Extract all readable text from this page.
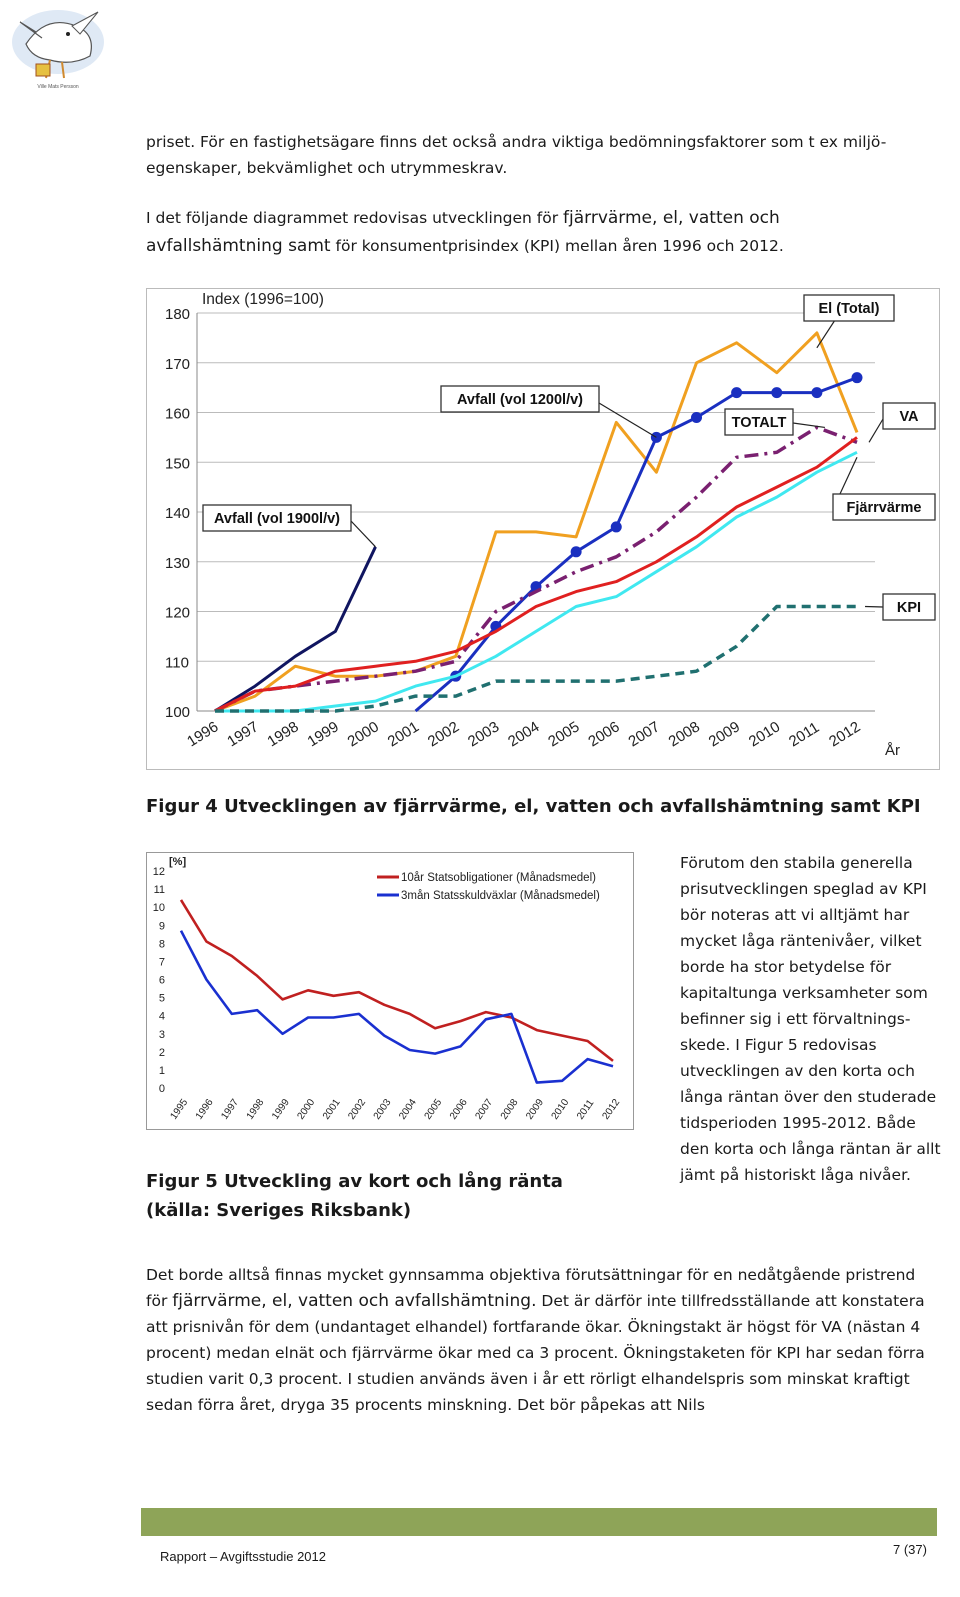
Ville Mats Persson

priset. För en fastighetsägare finns det också andra viktiga bedömningsfaktorer som t ex miljö-egenskaper, bekvämlighet och utrymmeskrav.

I det följande diagrammet redovisas utvecklingen för fjärrvärme, el, vatten och avfallshämtning samt för konsumentprisindex (KPI) mellan åren 1996 och 2012.

100
110
120
130
140
150
160
170
180
Index (1996=100)
1996 1997 1998 1999 2000 2001 2002 2003 2004 2005 2006 2007 2008 2009 2010 2011 2012
År
El (Total)
Avfall (vol 1200l/v)
TOTALT	VA
Avfall (vol 1900l/v)
Fjärrvärme
KPI

Figur 4 Utvecklingen av fjärrvärme, el, vatten och avfallshämtning samt KPI

0
1
2
3
4
5
6
7
8
9
10
11
12
[%]
1995 1996 1997 1998 1999 2000 2001 2002 2003 2004 2005 2006 2007 2008 2009 2010 2011 2012
10år Statsobligationer (Månadsmedel)
3mån Statsskuldväxlar (Månadsmedel)

Figur 5 Utveckling av kort och lång ränta
(källa: Sveriges Riksbank)

Förutom den stabila generella prisutvecklingen speglad av KPI bör noteras att vi alltjämt har mycket låga räntenivåer, vilket borde ha stor betydelse för kapitaltunga verksamheter som befinner sig i ett förvaltnings-skede. I Figur 5 redovisas utvecklingen av den korta och långa räntan över den studerade tidsperioden 1995-2012. Både den korta och långa räntan är allt jämt på historiskt låga nivåer.

Det borde alltså finnas mycket gynnsamma objektiva förutsättningar för en nedåtgående pristrend för fjärrvärme, el, vatten och avfallshämtning. Det är därför inte tillfredsställande att konstatera att prisnivån för dem (undantaget elhandel) fortfarande ökar. Ökningstakt är högst för VA (nästan 4 procent) medan elnät och fjärrvärme ökar med ca 3 procent. Ökningstaketen för KPI har sedan förra studien varit 0,3 procent. I studien används även i år ett rörligt elhandelspris som minskat kraftigt sedan förra året, dryga 35 procents minskning. Det bör påpekas att Nils

Rapport – Avgiftsstudie 2012	7 (37)
